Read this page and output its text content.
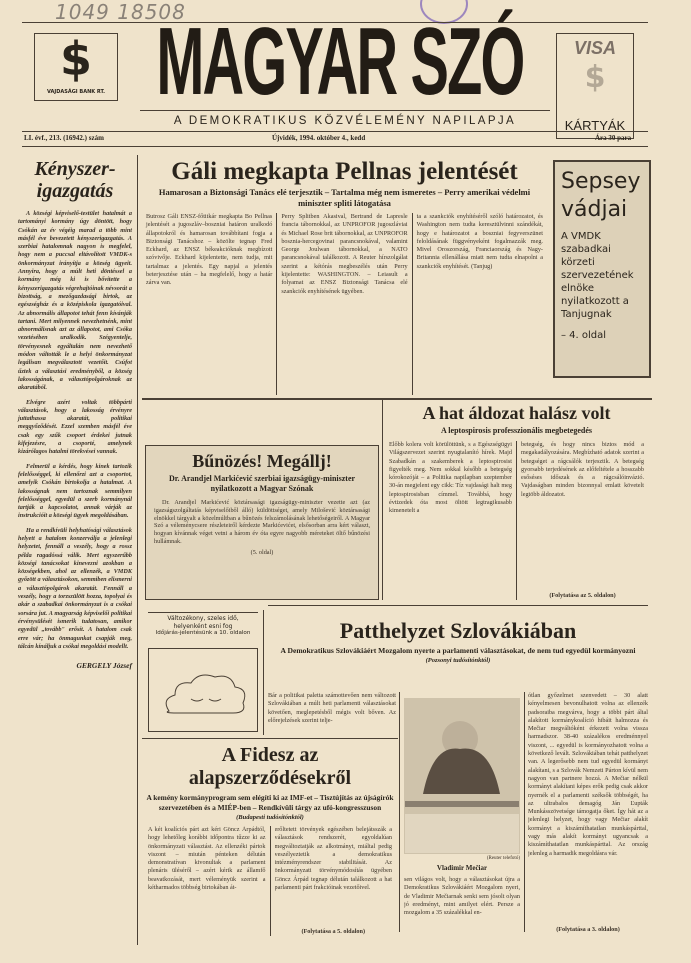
1049 18508
$
VAJDASÁGI BANK RT. MAGYAR SZÓ	VISA
$
KÁRTYÁK
A DEMOKRATIKUS KÖZVÉLEMÉNY NAPILAPJA
LI. évf., 213. (16942.) szám	Újvidék, 1994. október 4., kedd	Ára 30 para
Kényszer-igazgatás

A községi képviselő-testület hatalmát a tartományi kormány úgy döntött, hogy Csókán az év végéig marad a több mint másfél éve bevezetett kényszerigazgatás. A szerbiai hatalomnak nagyon is megfelel, hogy nem a puccsal eltávolított VMDK-s önkormányzat irányítja a község ügyeit. Annyira, hogy a múlt heti döntéssel a kormány még ki is bővítette a kényszerigazgatás végrehajtóinak névsorát a bizottság, a mezőgazdasági birtok, az egészségház és a középiskola igazgatóival. Az abnormális állapotot tehát fenn kívánják tartani. Mert milyennek nevezhetnénk, mint abnormálisnak azt az állapotot, ami Csóka vezetésében uralkodik. Szégyentelje, törvényesnek egyáltalán nem nevezhető módon váltották le a helyi önkormányzat legálisan megválasztott vezetőit. Csúfot űztek a választási eredményből, a község lakosságának, a választópolgároknak az akaratából.

Elvégre azért voltak többpárti választások, hogy a lakosság érvényre juttathassa akaratát, politikai meggyőződését. Ezzel szemben másfél éve csak egy szűk csoport érdekei jutnak kifejezésre, a csoporté, amelynek kizárólagos hatalmi törekvései vannak.

Felmerül a kérdés, hogy kinek tartozik felelősséggel, ki ellenőrzi azt a csoportot, amelyik Csókán birtokolja a hatalmat. A lakosságnak nem tartoznak semmilyen felelősséggel, egyedül a szerb kormánynál tartják a kapcsolatot, annak várják az instrukcióit a községi ügyek megoldásában.

Ha a rendkívüli helyhatósági választások helyett a hatalom konzerválja a jelenlegi helyzetet, fennáll a veszély, hogy a rossz példa ragadóssá válik. Mert egyszerűbb községi tanácsokat kinevezni azokban a községekben, ahol az ellenzék, a VMDK győzött a választásokon, semmiben elismerni a választópolgárok akaratát. Fennáll a veszély, hogy a torzszülött hozza, topolyai és akár a szabadkai önkormányzat is a csókai sorsára jut. A magyarság képviselői politikai érvénysülését ismerik tudatosan, amikor egyedül „tovább" erősít. A hatalom csak erre vár; ha önmagunkat csapják meg, tálcán kínáljuk a csókai megoldási modellt.

GERGELY József
Gáli megkapta Pellnas jelentését
Hamarosan a Biztonsági Tanács elé terjesztik – Tartalma még nem ismeretes – Perry amerikai védelmi miniszter spliti látogatása
Butrosz Gáli ENSZ-főtitkár megkapta Bo Pellnas jelentését a jugoszláv–boszniai határon uralkodó állapotokról és hamarosan továbbítani fogja a Biztonsági Tanácshoz – közölte tegnap Fred Eckhard, az ENSZ békeakcióknak megbízott szóvivője. Eckhard kijelentette, nem tudja, mit tartalmaz a jelentés. Egy napjal a jelentés beterjesztése után – ha megfelelő, hogy a határ zárva van.
Perry Splitben Akasival, Bertrand de Lapresle francia tábornokkal, az UNPROFOR jugoszláviai és Michael Rose brit tábornokkal, az UNPROFOR bosznia-hercegovinai parancsnokával, valamint George Joulwan tábornokkal, a NATO parancsnokával találkozott. A Reuter hírszolgálat szerint a kétórás megbeszélés után Perry kijelentette: WASHINGTON. – Leiasult a folyamat az ENSZ Biztonsági Tanácsa elé szankciók enyhítésének ügyében.
ta a szankciók enyhítéséről szóló határozatot, és Washington nem tudta keresztülvinni szándékát, hogy e határozatot a boszniai fegyverszünet feloldásának függvényeként fogalmazzák meg. Mivel Oroszország, Franciaország és Nagy-Britannia ellenállása miatt nem tudta elnapolni a szankciók enyhítését. (Tanjug)
Sepsey vádjai
A VMDK szabadkai körzeti szervezetének elnöke nyilatkozott a Tanjugnak
– 4. oldal
Bűnözés! Megállj!
Dr. Arandjel Markićević szerbiai igazságügy-miniszter nyilatkozott a Magyar Szónak
Dr. Arandjel Markićević köztársasági igazságügy-miniszter vezette azt (az igazságszolgáltatás képviselőiből álló) küldöttséget, amely Milošević köztársasági elnökkel tárgyalt a közelmúltban a bűnözés felszámolásának lehetőségeiről. A Magyar Szó a véleménycsere részleteiről kérdezte Markićevićet, elsősorban arra kért választ, hogyan kívánnak véget vetni a három év óta egyre nagyobb méreteket öltő bűnözési hullámnak.
(5. oldal)
A hat áldozat halász volt
A leptospirosis professzionális megbetegedés
Előbb kolera volt körülöttünk, s a Egészségügyi Világszervezet szerint nyugtalanító hírek. Majd Szabadkán a szakemberek a leptospirosist figyelték meg. Nem sokkal később a betegség kórokozóját – a Politika napilapban szeptember 30-án megjelent egy cikk: Tíz vajdasági halt meg leptospirosisban címmel. Továbbá, hogy évtizedek óta most öltött legtragikusabb kimenetelt a
betegség, és hogy nincs biztos mód a megakadályozására. Megbízható adatok szerint a betegséget a rágcsálók terjesztik. A betegség gyorsabb terjedésének az előfeltétele a hosszabb esőséses időszak és a rágcsálóinvázió. Vajdaságban minden bizonnyal emlatt követelt legtöbb áldozatot.
(Folytatása az 5. oldalon)
Változékony, szeles idő, helyenként esni fog
Időjárás-jelentésünk a 10. oldalon	Patthelyzet Szlovákiában
A Demokratikus Szlovákiáért Mozgalom nyerte a parlamenti választásokat, de nem tud egyedül kormányozni
(Pozsonyi tudósítónktól)
Bár a politikai paletta számottevően nem változott Szlovákiában a múlt heti parlamenti választásokat követően, meglepetésből mégis volt bőven. Az előrejelzések szerint telje-
(Reuter telefotó)
Vladimir Mečiar
sen világos volt, hogy a választásokat újra a Demokratikus Szlovákiáért Mozgalom nyeri, de Vladimir Mečiarnak senki sem jósolt olyan jó eredményt, mint amilyet elért. Persze a mozgalom a 35 százalékkal en-
ótlan győzelmet szenvedett – 30 alatt kényelmesen bevonulhatott volna az ellenzék padsoraiba megvárva, hogy a többi párt által alakított kormánykoalíció hibáit halmozza és Mečiar megváltóként érkezett volna vissza harmadszor. 38-40 százalékos eredménnyel viszont, ... egyedül is kormányozhatott volna a következő levált. Szlovákiában tehát patthelyzet van. A legerősebb nem tud egyedül kormányt alakítani, s a Szlovák Nemzeti Párton kívül nem nagyon van partnere hozzá. A Mečiar nélkül kormányt alakítani képes erők pedig csak akkor nyernék el a parlamenti széksők többségét, ha az ultrabalos demagóg Ján Ľupták Munkásszövetsége támogatja őket. Így hát az a jelenlegi helyzet, hogy vagy Mečiar alakít kormányt a kiszámíthatatlan munkáspárttal, vagy más alakít kormányt ugyancsak a kiszámíthatatlan munkáspárttal. Az ország jelenleg a harmadik megoldásra vár.
(Folytatása a 3. oldalon)
A Fidesz az alapszerződésekről
A kemény kormányprogram sem elégíti ki az IMF-et – Tisztújítás az újságírók szervezetében és a MIÉP-ben – Rendkívüli tárgy az ufó-kongresszuson
(Budapesti tudósítónktól)
A két koalíciós párt azt kéri Göncz Árpádtól, hogy lehetőleg korábbi időpontra tűzze ki az önkormányzati választást. Az ellenzéki pártok viszont – miután pénteken délután demonstratívan kivonultak a parlament plenáris üléséről – azért kérik az államfő beavatkozását, mert véleményük szerint a kétharmados többség birtokában át-
erőltetett törvények egészében belejátsszák a választások rendszerét, egyoldalúan megváltoztatják az alkotmányt, miáltal pedig veszélyeztetik a demokratikus intézményrendszer stabilitását. Az önkormányzati törvénymódosítás ügyében Göncz Árpád tegnap délután találkozott a hat parlamenti párt frakcióinak vezetőivel.
(Folytatása a 5. oldalon)
